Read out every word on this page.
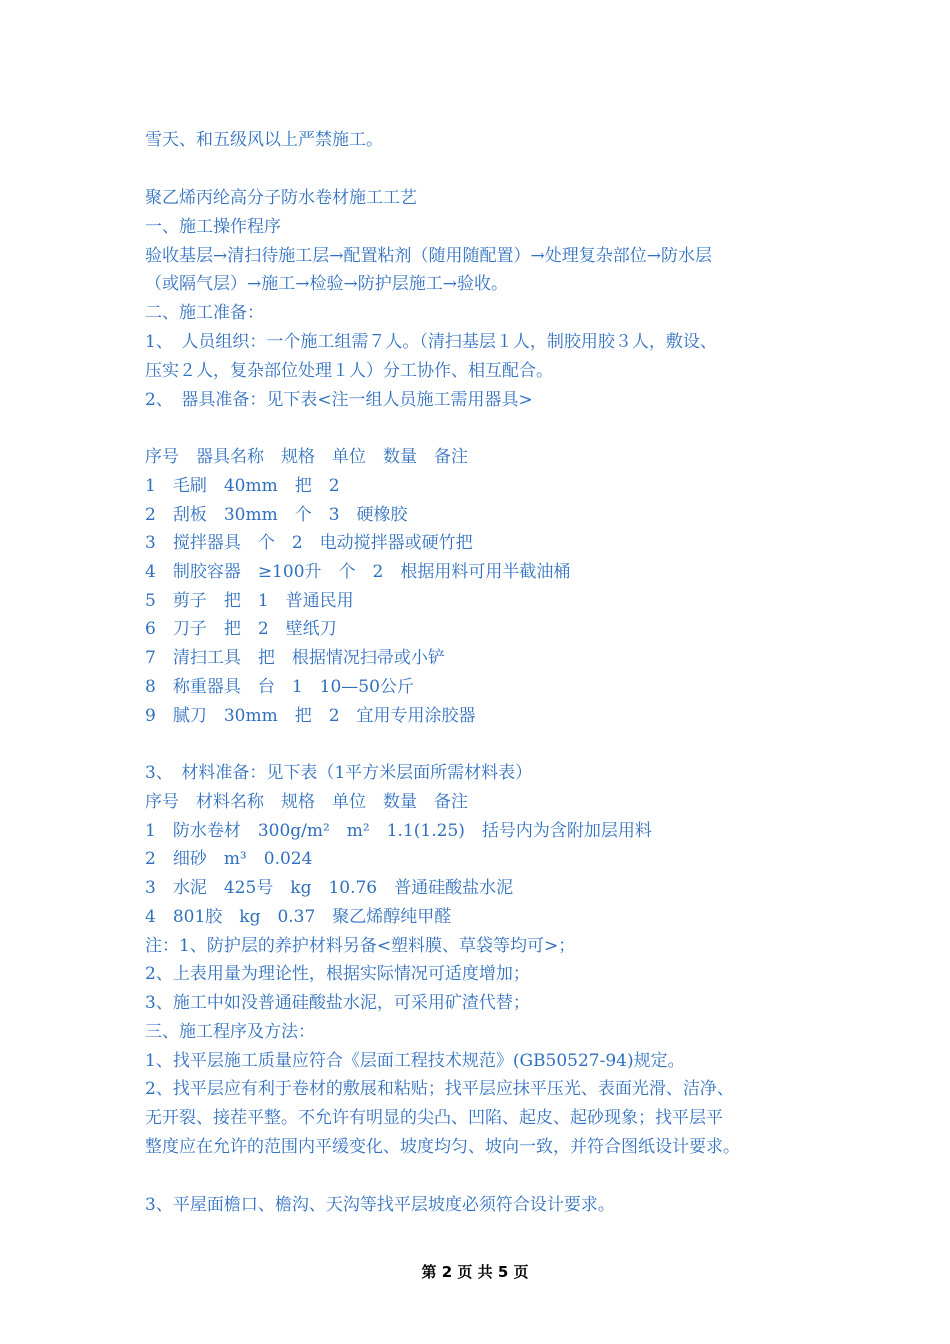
雪天、和五级风以上严禁施工。

聚乙烯丙纶高分子防水卷材施工工艺

一、施工操作程序

验收基层→清扫待施工层→配置粘剂（随用随配置）→处理复杂部位→防水层

（或隔气层）→施工→检验→防护层施工→验收。

二、施工准备：

1、　人员组织：一个施工组需７人。（清扫基层１人，制胶用胶３人，敷设、

压实２人，复杂部位处理１人）分工协作、相互配合。

2、　器具准备：见下表<注一组人员施工需用器具>

序号　器具名称　规格　单位　数量　备注

1　毛刷　40mm　把　2

2　刮板　30mm　个　3　硬橡胶

3　搅拌器具　个　2　电动搅拌器或硬竹把

4　制胶容器　≥100升　个　2　根据用料可用半截油桶

5　剪子　把　1　普通民用

6　刀子　把　2　壁纸刀

7　清扫工具　把　根据情况扫帚或小铲

8　称重器具　台　1　10—50公斤

9　腻刀　30mm　把　2　宜用专用涂胶器

3、　材料准备：见下表（1平方米层面所需材料表）

序号　材料名称　规格　单位　数量　备注

1　防水卷材　300g/m²　m²　1.1(1.25)　括号内为含附加层用料

2　细砂　m³　0.024

3　水泥　425号　kg　10.76　普通硅酸盐水泥

4　801胶　kg　0.37　聚乙烯醇纯甲醛

注：1、防护层的养护材料另备<塑料膜、草袋等均可>；

2、上表用量为理论性，根据实际情况可适度增加；

3、施工中如没普通硅酸盐水泥，可采用矿渣代替；

三、施工程序及方法：

1、找平层施工质量应符合《层面工程技术规范》(GB50527-94)规定。

2、找平层应有利于卷材的敷展和粘贴；找平层应抹平压光、表面光滑、洁净、

无开裂、接茬平整。不允许有明显的尖凸、凹陷、起皮、起砂现象；找平层平

整度应在允许的范围内平缓变化、坡度均匀、坡向一致，并符合图纸设计要求。

3、平屋面檐口、檐沟、天沟等找平层坡度必须符合设计要求。

第 2 页 共 5 页
